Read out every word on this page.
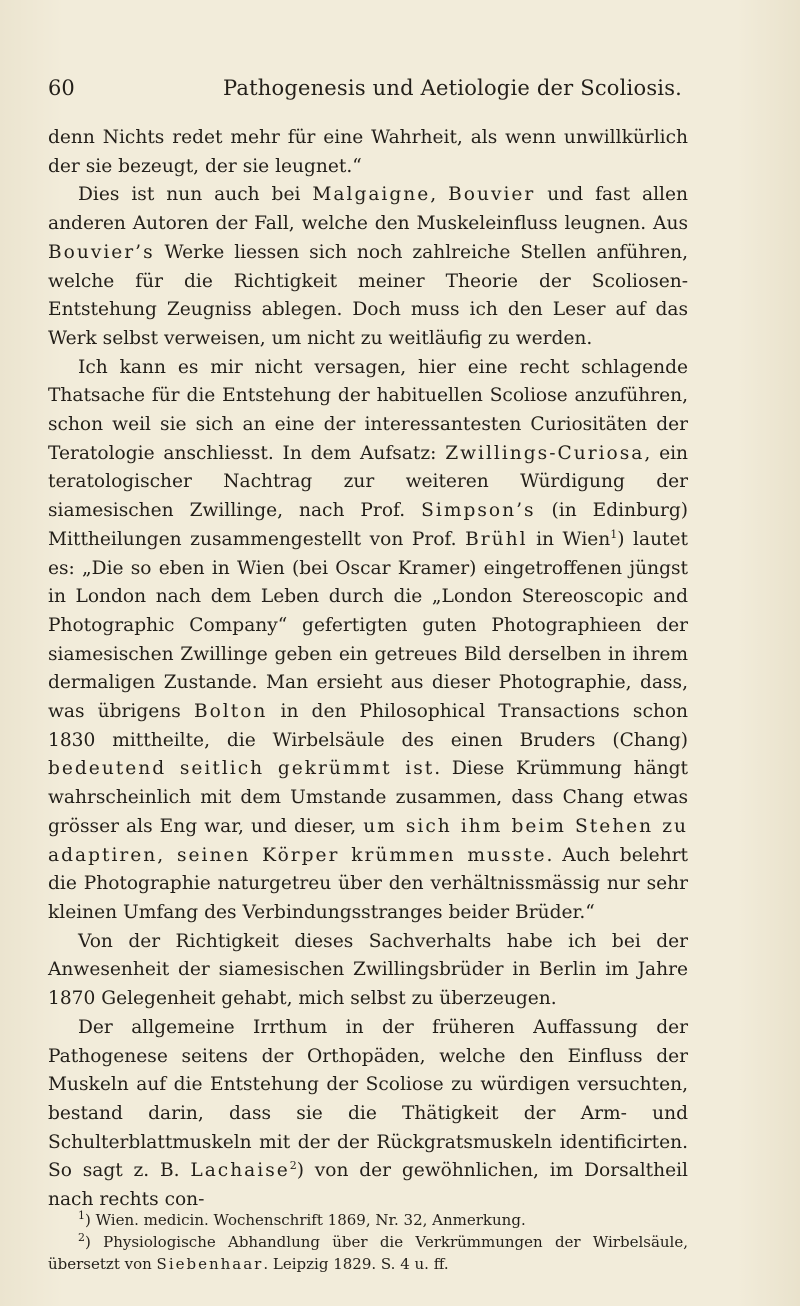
60	Pathogenesis und Aetiologie der Scoliosis.

denn Nichts redet mehr für eine Wahrheit, als wenn unwillkürlich der sie bezeugt, der sie leugnet.“

Dies ist nun auch bei Malgaigne, Bouvier und fast allen anderen Autoren der Fall, welche den Muskeleinfluss leugnen. Aus Bouvier’s Werke liessen sich noch zahlreiche Stellen anführen, welche für die Richtigkeit meiner Theorie der Scoliosen-Entstehung Zeugniss ablegen. Doch muss ich den Leser auf das Werk selbst verweisen, um nicht zu weitläufig zu werden.

Ich kann es mir nicht versagen, hier eine recht schlagende Thatsache für die Entstehung der habituellen Scoliose anzuführen, schon weil sie sich an eine der interessantesten Curiositäten der Teratologie anschliesst. In dem Aufsatz: Zwillings-Curiosa, ein teratologischer Nachtrag zur weiteren Würdigung der siamesischen Zwillinge, nach Prof. Simpson’s (in Edinburg) Mittheilungen zusammengestellt von Prof. Brühl in Wien$^1$) lautet es: „Die so eben in Wien (bei Oscar Kramer) eingetroffenen jüngst in London nach dem Leben durch die „London Stereoscopic and Photographic Company“ gefertigten guten Photographieen der siamesischen Zwillinge geben ein getreues Bild derselben in ihrem dermaligen Zustande. Man ersieht aus dieser Photographie, dass, was übrigens Bolton in den Philosophical Transactions schon 1830 mittheilte, die Wirbelsäule des einen Bruders (Chang) bedeutend seitlich gekrümmt ist. Diese Krümmung hängt wahrscheinlich mit dem Umstande zusammen, dass Chang etwas grösser als Eng war, und dieser, um sich ihm beim Stehen zu adaptiren, seinen Körper krümmen musste. Auch belehrt die Photographie naturgetreu über den verhältnissmässig nur sehr kleinen Umfang des Verbindungsstranges beider Brüder.“

Von der Richtigkeit dieses Sachverhalts habe ich bei der Anwesenheit der siamesischen Zwillingsbrüder in Berlin im Jahre 1870 Gelegenheit gehabt, mich selbst zu überzeugen.

Der allgemeine Irrthum in der früheren Auffassung der Pathogenese seitens der Orthopäden, welche den Einfluss der Muskeln auf die Entstehung der Scoliose zu würdigen versuchten, bestand darin, dass sie die Thätigkeit der Arm- und Schulterblattmuskeln mit der der Rückgratsmuskeln identificirten. So sagt z. B. Lachaise$^2$) von der gewöhnlichen, im Dorsaltheil nach rechts con-

$^1$) Wien. medicin. Wochenschrift 1869, Nr. 32, Anmerkung.

$^2$) Physiologische Abhandlung über die Verkrümmungen der Wirbelsäule, übersetzt von Siebenhaar. Leipzig 1829. S. 4 u. ff.
